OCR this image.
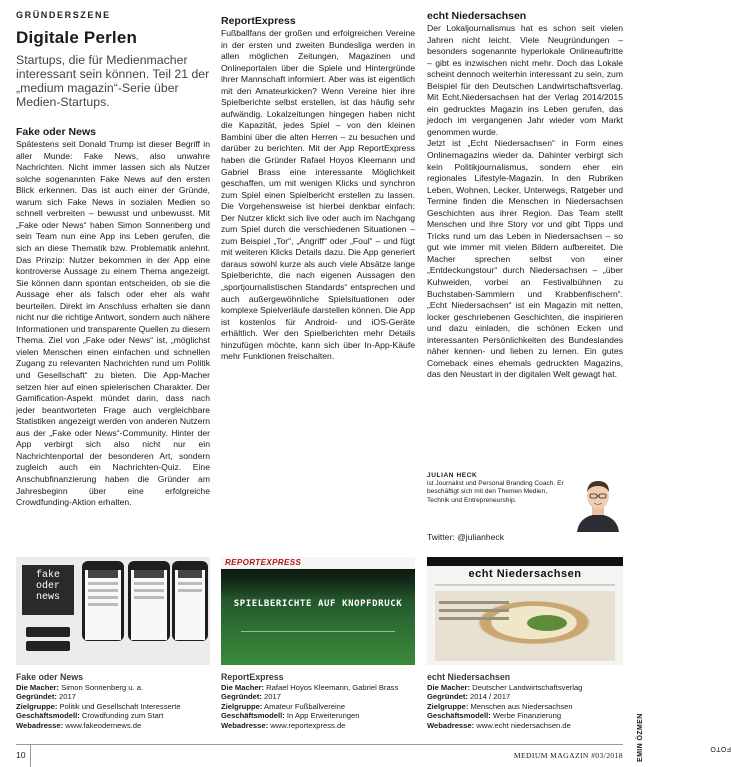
GRÜNDERSZENE
Digitale Perlen
Startups, die für Medienmacher interessant sein können. Teil 21 der „medium magazin“-Serie über Medien-Startups.
Fake oder News
Spätestens seit Donald Trump ist dieser Begriff in aller Munde: Fake News, also unwahre Nachrichten. Nicht immer lassen sich als Nutzer solche sogenannten Fake News auf den ersten Blick erkennen. Das ist auch einer der Gründe, warum sich Fake News in sozialen Medien so schnell verbreiten – bewusst und unbewusst. Mit „Fake oder News“ haben Simon Sonnenberg und sein Team nun eine App ins Leben gerufen, die sich an diese Thematik bzw. Problematik anlehnt. Das Prinzip: Nutzer bekommen in der App eine kontroverse Aussage zu einem Thema angezeigt. Sie können dann spontan entscheiden, ob sie die Aussage eher als falsch oder eher als wahr beurteilen. Direkt im Anschluss erhalten sie dann nicht nur die richtige Antwort, sondern auch nähere Informationen und transparente Quellen zu diesem Thema. Ziel von „Fake oder News“ ist, „möglichst vielen Menschen einen einfachen und schnellen Zugang zu relevanten Nachrichten rund um Politik und Gesellschaft“ zu bieten. Die App-Macher setzen hier auf einen spielerischen Charakter. Der Gamification-Aspekt mündet darin, dass nach jeder beantworteten Frage auch vergleichbare Statistiken angezeigt werden von anderen Nutzern aus der „Fake oder News“-Community. Hinter der App verbirgt sich also nicht nur ein Nachrichtenportal der besonderen Art, sondern zugleich auch ein Nachrichten-Quiz. Eine Anschubfinanzierung haben die Gründer am Jahresbeginn über eine erfolgreiche Crowdfunding-Aktion erhalten.
ReportExpress
Fußballfans der großen und erfolgreichen Vereine in der ersten und zweiten Bundesliga werden in allen möglichen Zeitungen, Magazinen und Onlineportalen über die Spiele und Hintergründe ihrer Mannschaft informiert. Aber was ist eigentlich mit den Amateurkicken? Wenn Vereine hier ihre Spielberichte selbst erstellen, ist das häufig sehr aufwändig. Lokalzeitungen hingegen haben nicht die Kapazität, jedes Spiel – von den kleinen Bambini über die alten Herren – zu besuchen und darüber zu berichten. Mit der App ReportExpress haben die Gründer Rafael Hoyos Kleemann und Gabriel Brass eine interessante Möglichkeit geschaffen, um mit wenigen Klicks und synchron zum Spiel einen Spielbericht erstellen zu lassen. Die Vorgehensweise ist hierbei denkbar einfach: Der Nutzer klickt sich live oder auch im Nachgang zum Spiel durch die verschiedenen Situationen – zum Beispiel „Tor“, „Angriff“ oder „Foul“ – und fügt mit weiteren Klicks Details dazu. Die App generiert daraus sowohl kurze als auch viele Absätze lange Spielberichte, die nach eigenen Aussagen den „sportjournalistischen Standards“ entsprechen und auch außergewöhnliche Spielsituationen oder komplexe Spielverläufe darstellen können. Die App ist kostenlos für Android- und iOS-Geräte erhältlich. Wer den Spielberichten mehr Details hinzufügen möchte, kann sich über In-App-Käufe mehr Funktionen freischalten.
echt Niedersachsen
Der Lokaljournalismus hat es schon seit vielen Jahren nicht leicht. Viele Neugründungen – besonders sogenannte hyperlokale Onlineauftritte – gibt es inzwischen nicht mehr. Doch das Lokale scheint dennoch weiterhin interessant zu sein, zum Beispiel für den Deutschen Landwirtschaftsverlag. Mit Echt.Niedersachsen hat der Verlag 2014/2015 ein gedrucktes Magazin ins Leben gerufen, das jedoch im vergangenen Jahr wieder vom Markt genommen wurde.
Jetzt ist „Echt Niedersachsen“ in Form eines Onlinemagazins wieder da. Dahinter verbirgt sich kein Politikjournalismus, sondern eher ein regionales Lifestyle-Magazin. In den Rubriken Leben, Wohnen, Lecker, Unterwegs, Ratgeber und Termine finden die Menschen in Niedersachsen Geschichten aus ihrer Region. Das Team stellt Menschen und ihre Story vor und gibt Tipps und Tricks rund um das Leben in Niedersachsen – so gut wie immer mit vielen Bildern aufbereitet. Die Macher sprechen selbst von einer „Entdeckungstour“ durch Niedersachsen – „über Kuhweiden, vorbei an Festivalbühnen zu Buchstaben-Sammlern und Krabbenfischern“. „Echt Niedersachsen“ ist ein Magazin mit netten, locker geschriebenen Geschichten, die inspirieren und dazu einladen, die schönen Ecken und interessanten Persönlichkeiten des Bundeslandes näher kennen- und lieben zu lernen. Ein gutes Comeback eines ehemals gedruckten Magazins, das den Neustart in der digitalen Welt gewagt hat.
JULIAN HECK
ist Journalist und Personal Branding Coach. Er beschäftigt sich mit den Themen Medien, Technik und Entrepreneurship.
Twitter: @julianheck
fake oder news
REPORTEXPRESS
SPIELBERICHTE AUF KNOPFDRUCK
echt Niedersachsen
Fake oder News
Die Macher: Simon Sonnenberg u. a.
Gegründet: 2017
Zielgruppe: Politik und Gesellschaft Interesserte
Geschäftsmodell: Crowdfunding zum Start
Webadresse: www.fakeodernews.de
ReportExpress
Die Macher: Rafael Hoyos Kleemann, Gabriel Brass
Gegründet: 2017
Zielgruppe: Amateur Fußballvereine
Geschäftsmodell: In App Erweiterungen
Webadresse: www.reportexpress.de
echt Niedersachsen
Die Macher: Deutscher Landwirtschaftsverlag
Gegründet: 2014 / 2017
Zielgruppe: Menschen aus Niedersachsen
Geschäftsmodell: Werbe Finanzierung
Webadresse: www.echt niedersachsen.de
FOTO
EMIN ÖZMEN
10	MEDIUM MAGAZIN #03/2018
